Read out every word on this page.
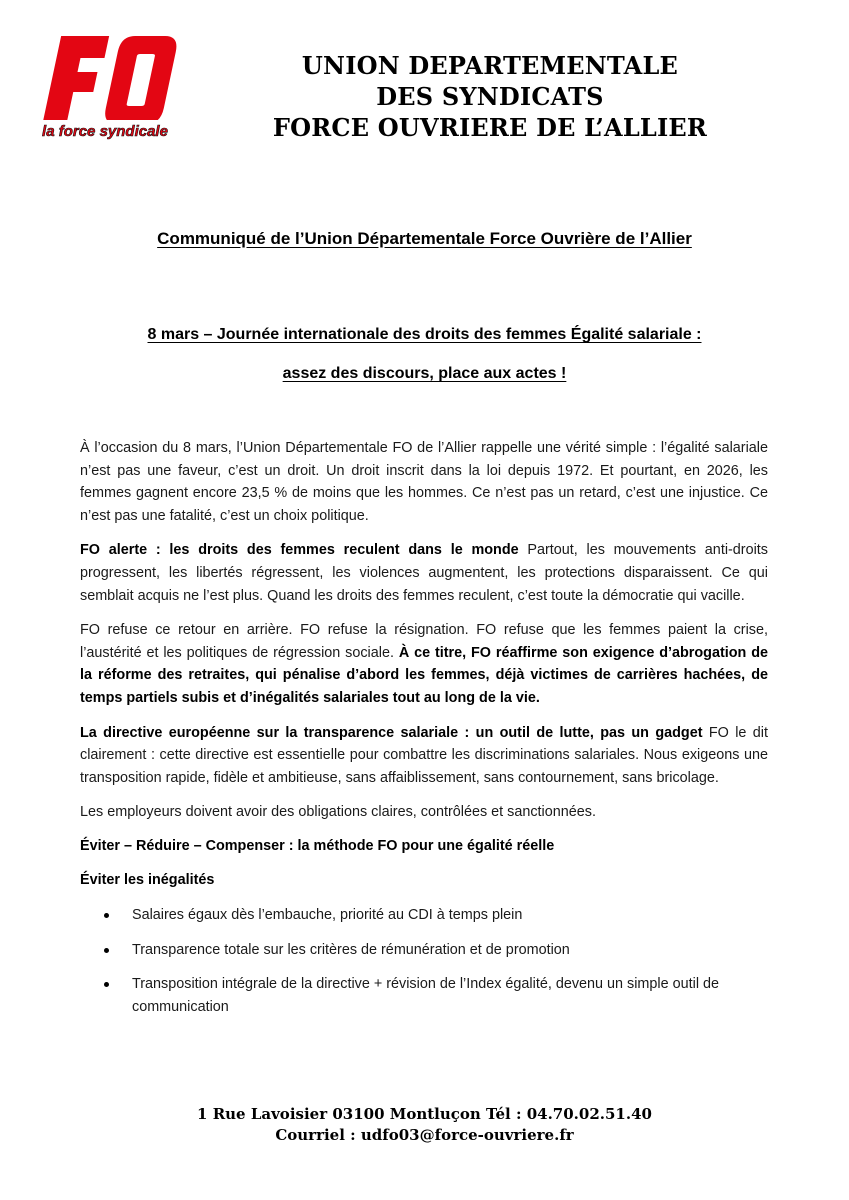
la force syndicale
UNION DEPARTEMENTALE
DES SYNDICATS
FORCE OUVRIERE DE L’ALLIER
Communiqué de l’Union Départementale Force Ouvrière de l’Allier
8 mars – Journée internationale des droits des femmes Égalité salariale :
assez des discours, place aux actes !

À l’occasion du 8 mars, l’Union Départementale FO de l’Allier rappelle une vérité simple : l’égalité salariale n’est pas une faveur, c’est un droit. Un droit inscrit dans la loi depuis 1972. Et pourtant, en 2026, les femmes gagnent encore 23,5 % de moins que les hommes. Ce n’est pas un retard, c’est une injustice. Ce n’est pas une fatalité, c’est un choix politique.

FO alerte : les droits des femmes reculent dans le monde Partout, les mouvements anti-droits progressent, les libertés régressent, les violences augmentent, les protections disparaissent. Ce qui semblait acquis ne l’est plus. Quand les droits des femmes reculent, c’est toute la démocratie qui vacille.

FO refuse ce retour en arrière. FO refuse la résignation. FO refuse que les femmes paient la crise, l’austérité et les politiques de régression sociale. À ce titre, FO réaffirme son exigence d’abrogation de la réforme des retraites, qui pénalise d’abord les femmes, déjà victimes de carrières hachées, de temps partiels subis et d’inégalités salariales tout au long de la vie.

La directive européenne sur la transparence salariale : un outil de lutte, pas un gadget FO le dit clairement : cette directive est essentielle pour combattre les discriminations salariales. Nous exigeons une transposition rapide, fidèle et ambitieuse, sans affaiblissement, sans contournement, sans bricolage.

Les employeurs doivent avoir des obligations claires, contrôlées et sanctionnées.

Éviter – Réduire – Compenser : la méthode FO pour une égalité réelle

Éviter les inégalités

Salaires égaux dès l’embauche, priorité au CDI à temps plein
Transparence totale sur les critères de rémunération et de promotion
Transposition intégrale de la directive + révision de l’Index égalité, devenu un simple outil de communication
1 Rue Lavoisier 03100 Montluçon Tél : 04.70.02.51.40
Courriel : udfo03@force-ouvriere.fr
